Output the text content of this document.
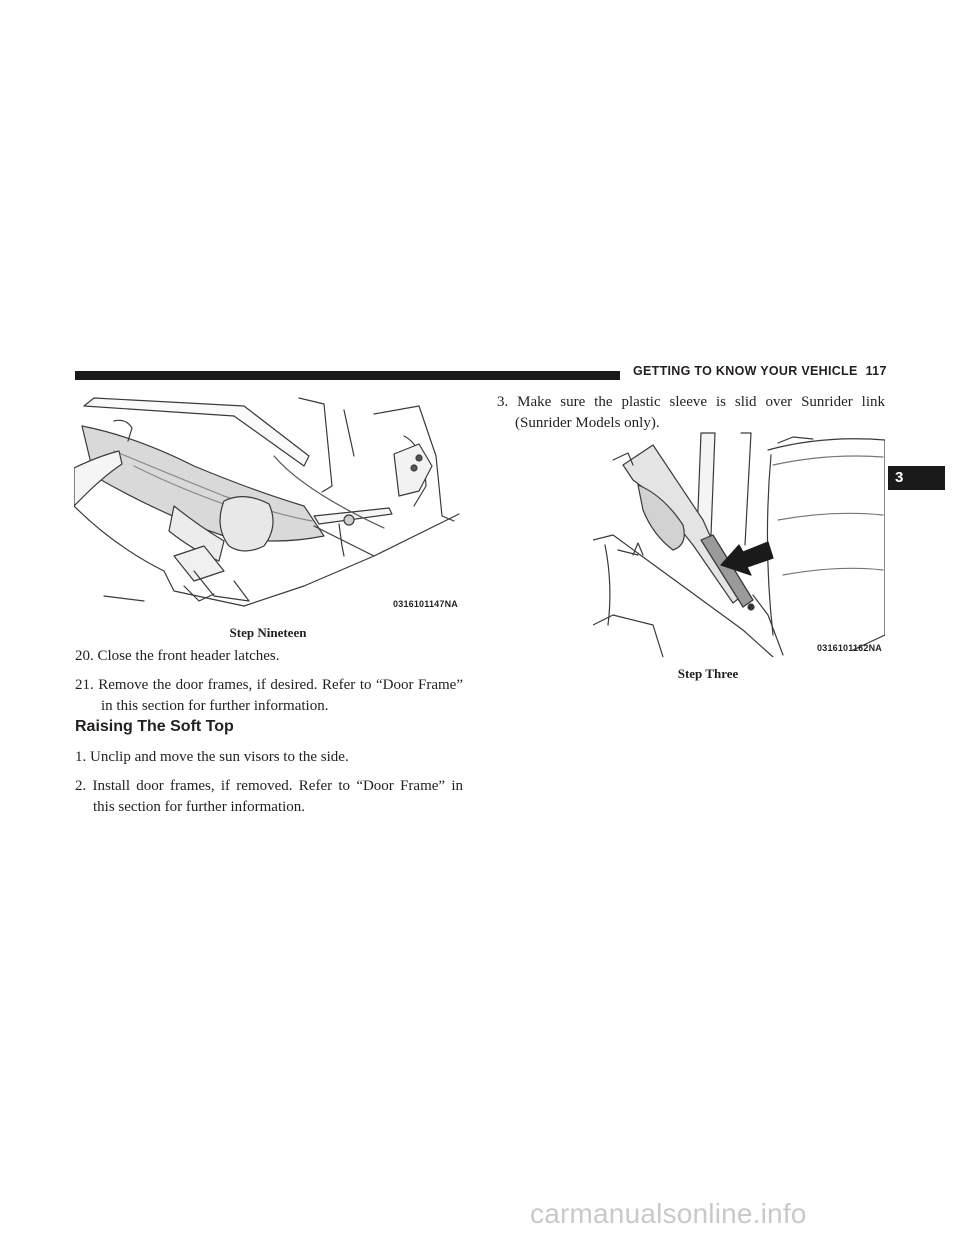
GETTING TO KNOW YOUR VEHICLE 117
3
0316101147NA
Step Nineteen
20. Close the front header latches.
21. Remove the door frames, if desired. Refer to “Door Frame” in this section for further information.
Raising The Soft Top
1. Unclip and move the sun visors to the side.
2. Install door frames, if removed. Refer to “Door Frame” in this section for further information.
3. Make sure the plastic sleeve is slid over Sunrider link (Sunrider Models only).
0316101162NA
Step Three
carmanualsonline.info
